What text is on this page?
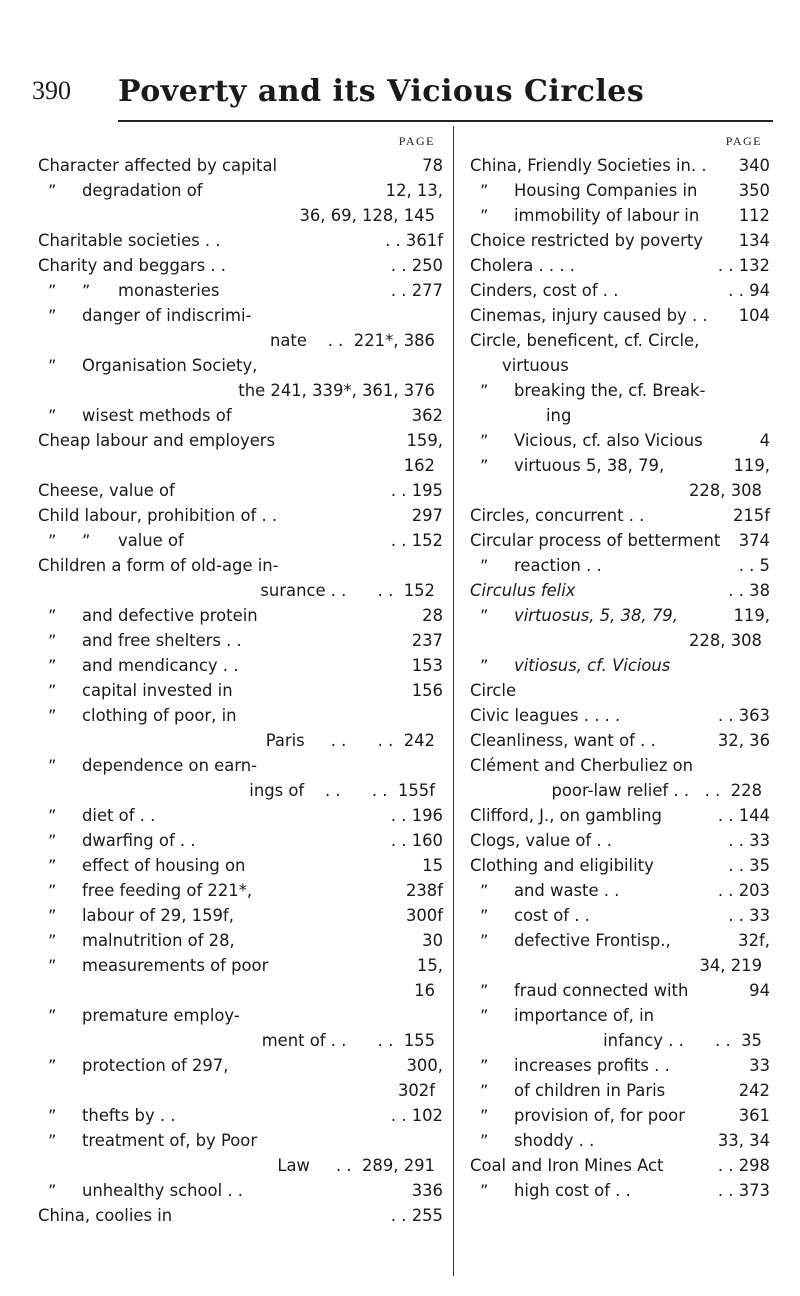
390 Poverty and its Vicious Circles
PAGE
Character affected by capital	78
” degradation of	12, 13,
36, 69, 128, 145
Charitable societies . .	. . 361f
Charity and beggars . .	. . 250
” ” monasteries	. . 277
” danger of indiscrimi-
nate    . .  221*, 386
” Organisation Society,
the 241, 339*, 361, 376
” wisest methods of	362
Cheap labour and employers	159,
162
Cheese, value of	. . 195
Child labour, prohibition of . .	297
” ” value of	. . 152
Children a form of old-age in-
surance . .      . .  152
” and defective protein	28
” and free shelters . .	237
” and mendicancy . .	153
” capital invested in	156
” clothing of poor, in
Paris     . .      . .  242
” dependence on earn-
ings of    . .      . .  155f
” diet of . .	. . 196
” dwarfing of . .	. . 160
” effect of housing on	15
” free feeding of 221*,	238f
” labour of 29, 159f,	300f
” malnutrition of 28,	30
” measurements of poor	15,
16
” premature employ-
ment of . .      . .  155
” protection of 297,	300,
302f
” thefts by . .	. . 102
” treatment of, by Poor
Law     . .  289, 291
” unhealthy school . .	336
China, coolies in	. . 255
PAGE
China, Friendly Societies in. .	340
” Housing Companies in	350
” immobility of labour in	112
Choice restricted by poverty	134
Cholera . . . .	. . 132
Cinders, cost of . .	. . 94
Cinemas, injury caused by . .	104
Circle, beneficent, cf. Circle,
virtuous
” breaking the, cf. Break-
ing
” Vicious, cf. also Vicious	4
” virtuous 5, 38, 79,	119,
228, 308
Circles, concurrent . .	215f
Circular process of betterment	374
” reaction . .	. . 5
Circulus felix	. . 38
” virtuosus, 5, 38, 79,	119,
228, 308
” vitiosus, cf. Vicious
Circle
Civic leagues . . . .	. . 363
Cleanliness, want of . .	32, 36
Clément and Cherbuliez on
poor-law relief . .   . .  228
Clifford, J., on gambling	. . 144
Clogs, value of . .	. . 33
Clothing and eligibility	. . 35
” and waste . .	. . 203
” cost of . .	. . 33
” defective Frontisp.,	32f,
34, 219
” fraud connected with	94
” importance of, in
infancy . .      . .  35
” increases profits . .	33
” of children in Paris	242
” provision of, for poor	361
” shoddy . .	33, 34
Coal and Iron Mines Act	. . 298
” high cost of . .	. . 373
